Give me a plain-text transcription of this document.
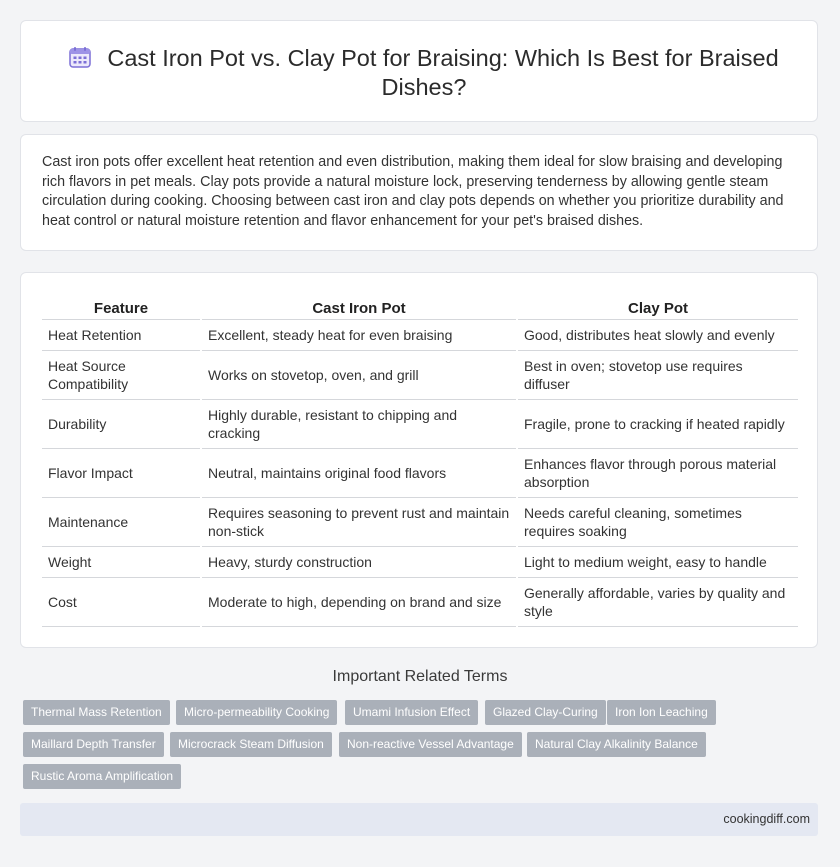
Cast Iron Pot vs. Clay Pot for Braising: Which Is Best for Braised Dishes?
Cast iron pots offer excellent heat retention and even distribution, making them ideal for slow braising and developing rich flavors in pet meals. Clay pots provide a natural moisture lock, preserving tenderness by allowing gentle steam circulation during cooking. Choosing between cast iron and clay pots depends on whether you prioritize durability and heat control or natural moisture retention and flavor enhancement for your pet's braised dishes.
Feature	Cast Iron Pot	Clay Pot
Heat Retention	Excellent, steady heat for even braising	Good, distributes heat slowly and evenly
Heat Source Compatibility	Works on stovetop, oven, and grill	Best in oven; stovetop use requires diffuser
Durability	Highly durable, resistant to chipping and cracking	Fragile, prone to cracking if heated rapidly
Flavor Impact	Neutral, maintains original food flavors	Enhances flavor through porous material absorption
Maintenance	Requires seasoning to prevent rust and maintain non-stick	Needs careful cleaning, sometimes requires soaking
Weight	Heavy, sturdy construction	Light to medium weight, easy to handle
Cost	Moderate to high, depending on brand and size	Generally affordable, varies by quality and style
Important Related Terms
Thermal Mass Retention	Micro-permeability Cooking	Umami Infusion Effect	Glazed Clay-Curing	Iron Ion Leaching
Maillard Depth Transfer	Microcrack Steam Diffusion	Non-reactive Vessel Advantage	Natural Clay Alkalinity Balance
Rustic Aroma Amplification
cookingdiff.com
